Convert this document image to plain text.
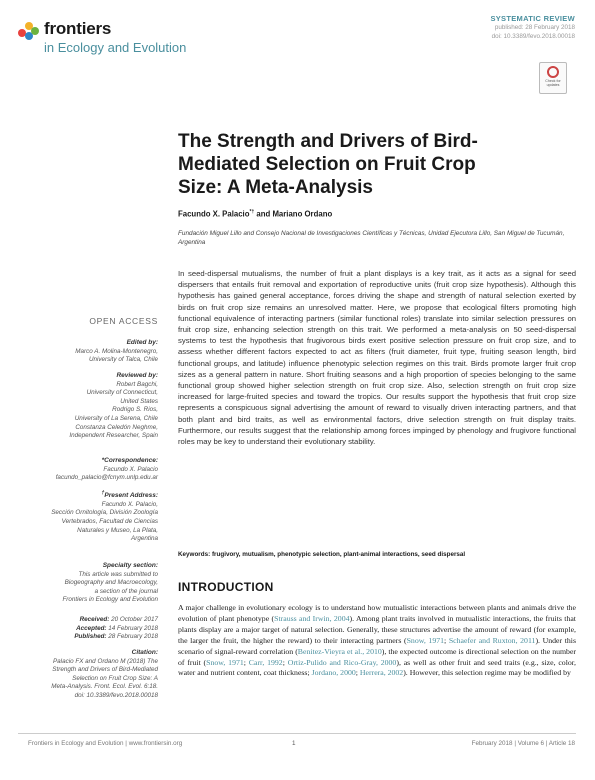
frontiers
in Ecology and Evolution
SYSTEMATIC REVIEW
published: 28 February 2018
doi: 10.3389/fevo.2018.00018
Check for updates
The Strength and Drivers of Bird-Mediated Selection on Fruit Crop Size: A Meta-Analysis
Facundo X. Palacio*† and Mariano Ordano
Fundación Miguel Lillo and Consejo Nacional de Investigaciones Científicas y Técnicas, Unidad Ejecutora Lillo, San Miguel de Tucumán, Argentina
OPEN ACCESS
Edited by:
Marco A. Molina-Montenegro,
University of Talca, Chile
Reviewed by:
Robert Bagchi,
University of Connecticut,
United States
Rodrigo S. Rios,
University of La Serena, Chile
Constanza Celedón Neghme,
Independent Researcher, Spain
*Correspondence:
Facundo X. Palacio
facundo_palacio@fcnym.unlp.edu.ar
†Present Address:
Facundo X. Palacio,
Sección Ornitología, División Zoología
Vertebrados, Facultad de Ciencias
Naturales y Museo, La Plata,
Argentina
Specialty section:
This article was submitted to
Biogeography and Macroecology,
a section of the journal
Frontiers in Ecology and Evolution
Received: 20 October 2017
Accepted: 14 February 2018
Published: 28 February 2018
Citation:
Palacio FX and Ordano M (2018) The
Strength and Drivers of Bird-Mediated
Selection on Fruit Crop Size: A
Meta-Analysis. Front. Ecol. Evol. 6:18.
doi: 10.3389/fevo.2018.00018
In seed-dispersal mutualisms, the number of fruit a plant displays is a key trait, as it acts as a signal for seed dispersers that entails fruit removal and exportation of reproductive units (fruit crop size hypothesis). Although this hypothesis has gained general acceptance, forces driving the shape and strength of natural selection exerted by birds on fruit crop size remains an unresolved matter. Here, we propose that ecological filters promoting high functional equivalence of interacting partners (similar functional roles) translate into similar selection pressures on fruit crop size, enhancing selection strength on this trait. We performed a meta-analysis on 50 seed-dispersal systems to test the hypothesis that frugivorous birds exert positive selection pressure on fruit crop size, and to assess whether different factors expected to act as filters (fruit diameter, fruit type, fruiting season length, bird functional groups, and latitude) influence phenotypic selection regimes on this trait. Birds promote larger fruit crop sizes as a general pattern in nature. Short fruiting seasons and a high proportion of species belonging to the same functional group showed higher selection strength on fruit crop size. Also, selection strength on fruit crop size increased for large-fruited species and toward the tropics. Our results support the hypothesis that fruit crop size represents a conspicuous signal advertising the amount of reward to visually driven interacting partners, and that both plant and bird traits, as well as environmental factors, drive selection strength on fruit display traits. Furthermore, our results suggest that the relationship among forces impinged by phenology and frugivore functional roles may be key to understand their evolutionary stability.
Keywords: frugivory, mutualism, phenotypic selection, plant-animal interactions, seed dispersal
INTRODUCTION
A major challenge in evolutionary ecology is to understand how mutualistic interactions between plants and animals drive the evolution of plant phenotype (Strauss and Irwin, 2004). Among plant traits involved in mutualistic interactions, the fruits that plants display are a major target of natural selection. Generally, these structures advertise the amount of reward (for example, the larger the fruit, the higher the reward) to their interacting partners (Snow, 1971; Schaefer and Ruxton, 2011). Under this scenario of signal-reward correlation (Benitez-Vieyra et al., 2010), the expected outcome is directional selection on the number of fruit (Snow, 1971; Carr, 1992; Ortiz-Pulido and Rico-Gray, 2000), as well as other fruit and seed traits (e.g., size, color, water and nutrient content, coat thickness; Jordano, 2000; Herrera, 2002). However, this selection regime may be modified by
Frontiers in Ecology and Evolution | www.frontiersin.org	1	February 2018 | Volume 6 | Article 18
